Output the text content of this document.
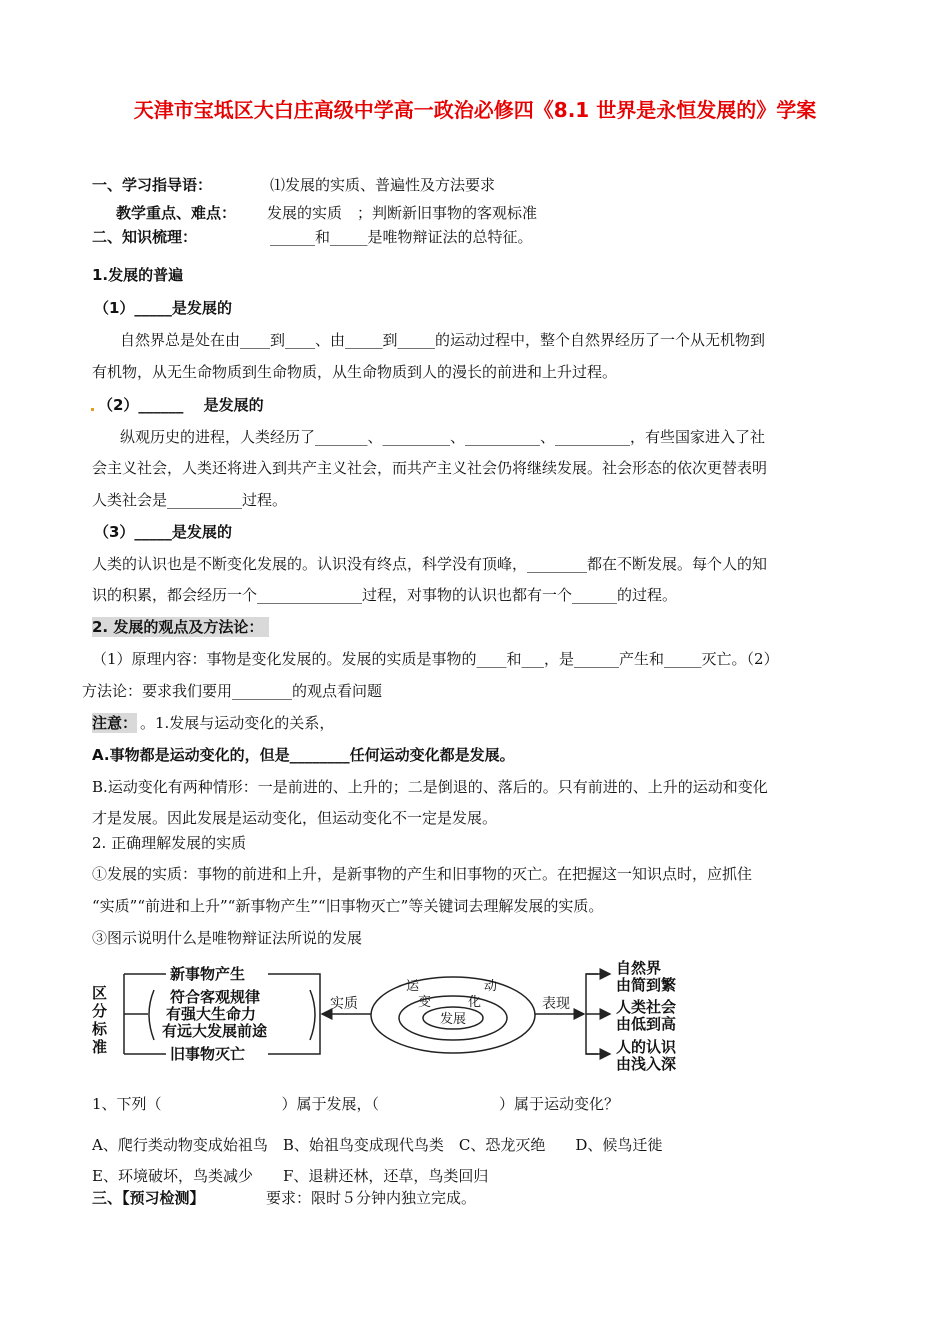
天津市宝坻区大白庄高级中学高一政治必修四《8.1 世界是永恒发展的》学案
一、学习指导语：	⑴发展的实质、普遍性及方法要求
教学重点、难点： 发展的实质　；判断新旧事物的客观标准
二、知识梳理：	______和_____是唯物辩证法的总特征。
1.发展的普遍
（1）_____是发展的
自然界总是处在由____到____、由_____到_____的运动过程中，整个自然界经历了一个从无机物到
有机物，从无生命物质到生命物质，从生命物质到人的漫长的前进和上升过程。
（2）______　 是发展的
纵观历史的进程，人类经历了_______、_________、__________、__________，有些国家进入了社
会主义社会，人类还将进入到共产主义社会，而共产主义社会仍将继续发展。社会形态的依次更替表明
人类社会是__________过程。
（3）_____是发展的
人类的认识也是不断变化发展的。认识没有终点，科学没有顶峰，________都在不断发展。每个人的知
识的积累，都会经历一个______________过程，对事物的认识也都有一个______的过程。
2. 发展的观点及方法论：
（1）原理内容：事物是变化发展的。发展的实质是事物的____和___，是______产生和_____灭亡。（2）
方法论：要求我们要用________的观点看问题
注意： 。1.发展与运动变化的关系，
A.事物都是运动变化的，但是________任何运动变化都是发展。
B.运动变化有两种情形：一是前进的、上升的；二是倒退的、落后的。只有前进的、上升的运动和变化
才是发展。因此发展是运动变化，但运动变化不一定是发展。
2. 正确理解发展的实质
①发展的实质：事物的前进和上升，是新事物的产生和旧事物的灭亡。在把握这一知识点时，应抓住
“实质”“前进和上升”“新事物产生”“旧事物灭亡”等关键词去理解发展的实质。
③图示说明什么是唯物辩证法所说的发展
区
分
标
准
新事物产生
旧事物灭亡
符合客观规律
有强大生命力
有远大发展前途
实质
运	动
变	化
发展
表现
自然界
由简到繁
人类社会
由低到高
人的认识
由浅入深
1、下列（　　　　　　　　）属于发展，（　　　　　　　　）属于运动变化？
A、爬行类动物变成始祖鸟　B、始祖鸟变成现代鸟类　C、恐龙灭绝　　D、候鸟迁徙
E、环境破坏，鸟类减少　　F、退耕还林，还草，鸟类回归
三、【预习检测】	要求：限时５分钟内独立完成。
